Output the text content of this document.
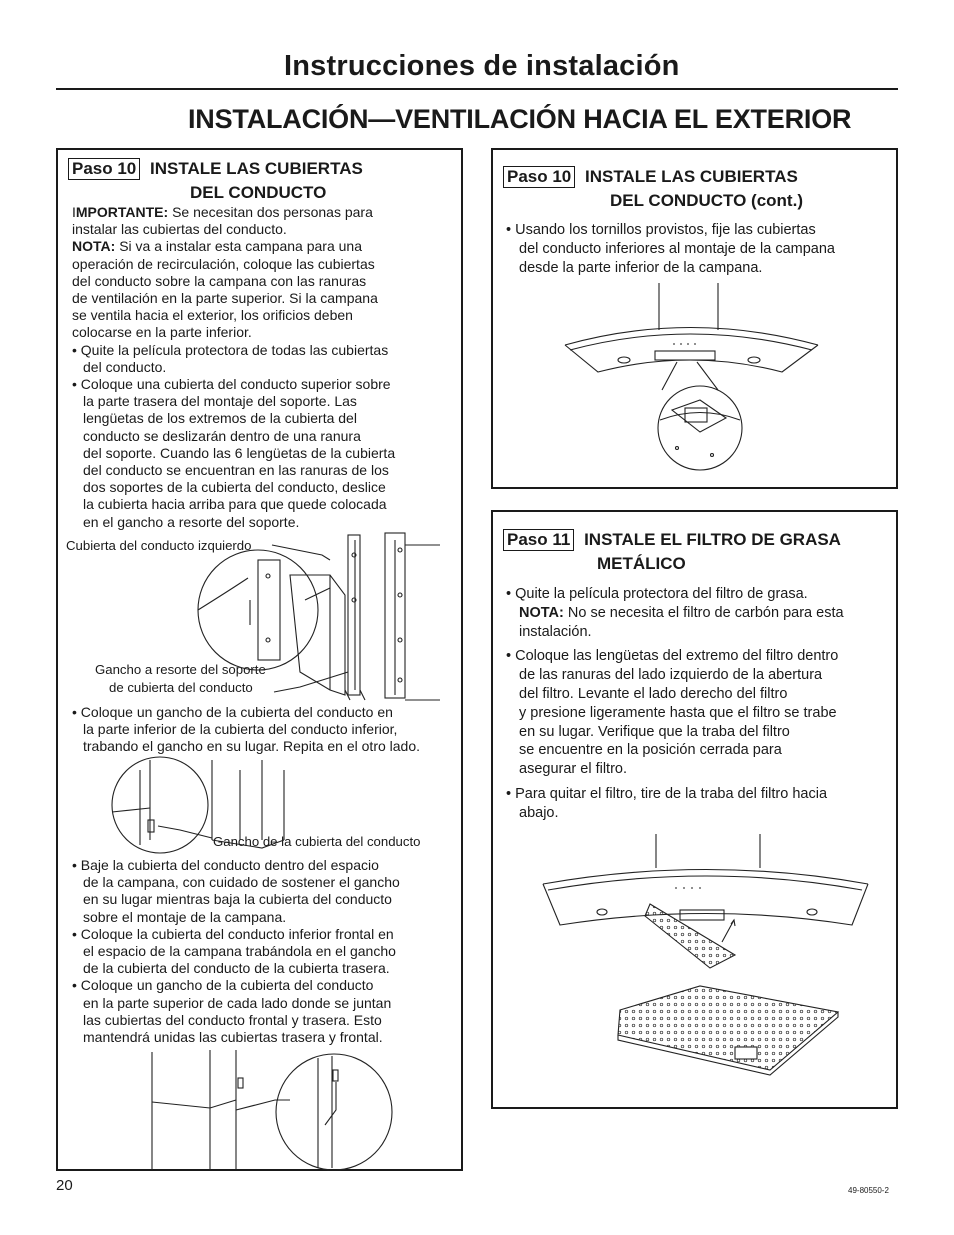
Instrucciones de instalación
INSTALACIÓN—VENTILACIÓN HACIA EL EXTERIOR
Paso 10 INSTALE LAS CUBIERTAS
DEL CONDUCTO

IMPORTANTE: Se necesitan dos personas para

instalar las cubiertas del conducto.

NOTA: Si va a instalar esta campana para una

operación de recirculación, coloque las cubiertas

del conducto sobre la campana con las ranuras

de ventilación en la parte superior. Si la campana

se ventila hacia el exterior, los orificios deben

colocarse en la parte inferior.

• Quite la película protectora de todas las cubiertas

del conducto.

• Coloque una cubierta del conducto superior sobre

la parte trasera del montaje del soporte. Las

lengüetas de los extremos de la cubierta del

conducto se deslizarán dentro de una ranura

del soporte. Cuando las 6 lengüetas de la cubierta

del conducto se encuentran en las ranuras de los

dos soportes de la cubierta del conducto, deslice

la cubierta hacia arriba para que quede colocada

en el gancho a resorte del soporte.

Cubierta del conducto izquierdo
Gancho a resorte del soporte
de cubierta del conducto

• Coloque un gancho de la cubierta del conducto en

la parte inferior de la cubierta del conducto inferior,

trabando el gancho en su lugar. Repita en el otro lado.

Gancho de la cubierta del conducto

• Baje la cubierta del conducto dentro del espacio

de la campana, con cuidado de sostener el gancho

en su lugar mientras baja la cubierta del conducto

sobre el montaje de la campana.

• Coloque la cubierta del conducto inferior frontal en

el espacio de la campana trabándola en el gancho

de la cubierta del conducto de la cubierta trasera.

• Coloque un gancho de la cubierta del conducto

en la parte superior de cada lado donde se juntan

las cubiertas del conducto frontal y trasera. Esto

mantendrá unidas las cubiertas trasera y frontal.

Paso 10 INSTALE LAS CUBIERTAS
DEL CONDUCTO (cont.)

• Usando los tornillos provistos, fije las cubiertas

del conducto inferiores al montaje de la campana

desde la parte inferior de la campana.

Paso 11 INSTALE EL FILTRO DE GRASA
METÁLICO

• Quite la película protectora del filtro de grasa.

NOTA: No se necesita el filtro de carbón para esta

instalación.

• Coloque las lengüetas del extremo del filtro dentro

de las ranuras del lado izquierdo de la abertura

del filtro. Levante el lado derecho del filtro

y presione ligeramente hasta que el filtro se trabe

en su lugar. Verifique que la traba del filtro

se encuentre en la posición cerrada para

asegurar el filtro.

• Para quitar el filtro, tire de la traba del filtro hacia

abajo.

20	49-80550-2
